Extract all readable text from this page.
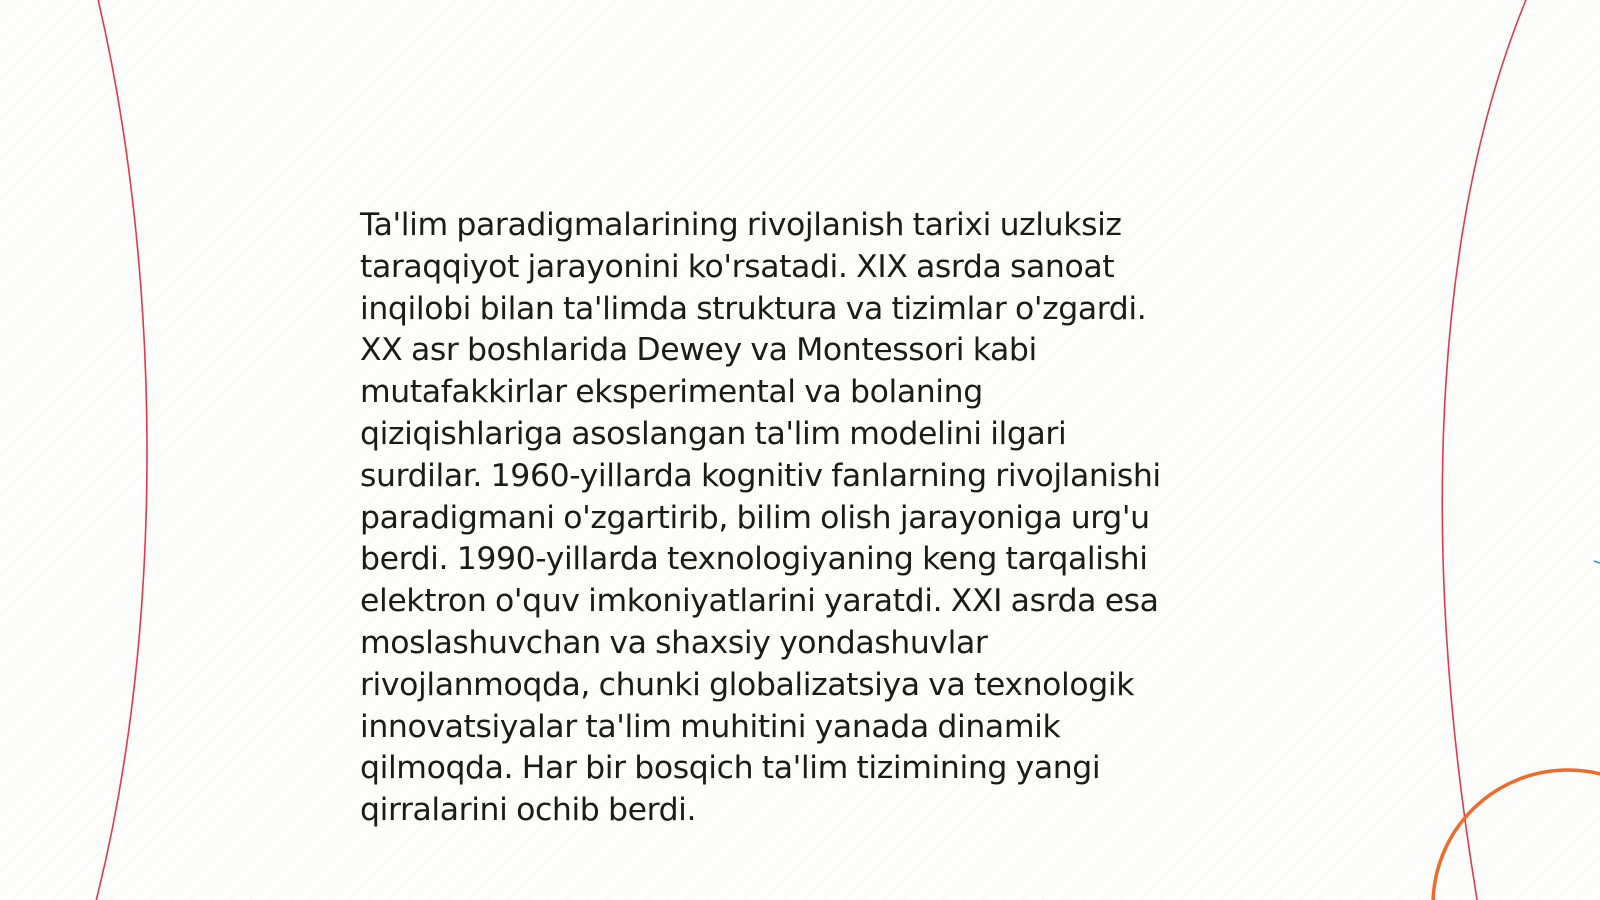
Ta'lim paradigmalarining rivojlanish tarixi uzluksiz
taraqqiyot jarayonini ko'rsatadi. XIX asrda sanoat
inqilobi bilan ta'limda struktura va tizimlar o'zgardi.
XX asr boshlarida Dewey va Montessori kabi
mutafakkirlar eksperimental va bolaning
qiziqishlariga asoslangan ta'lim modelini ilgari
surdilar. 1960-yillarda kognitiv fanlarning rivojlanishi
paradigmani o'zgartirib, bilim olish jarayoniga urg'u
berdi. 1990-yillarda texnologiyaning keng tarqalishi
elektron o'quv imkoniyatlarini yaratdi. XXI asrda esa
moslashuvchan va shaxsiy yondashuvlar
rivojlanmoqda, chunki globalizatsiya va texnologik
innovatsiyalar ta'lim muhitini yanada dinamik
qilmoqda. Har bir bosqich ta'lim tizimining yangi
qirralarini ochib berdi.
